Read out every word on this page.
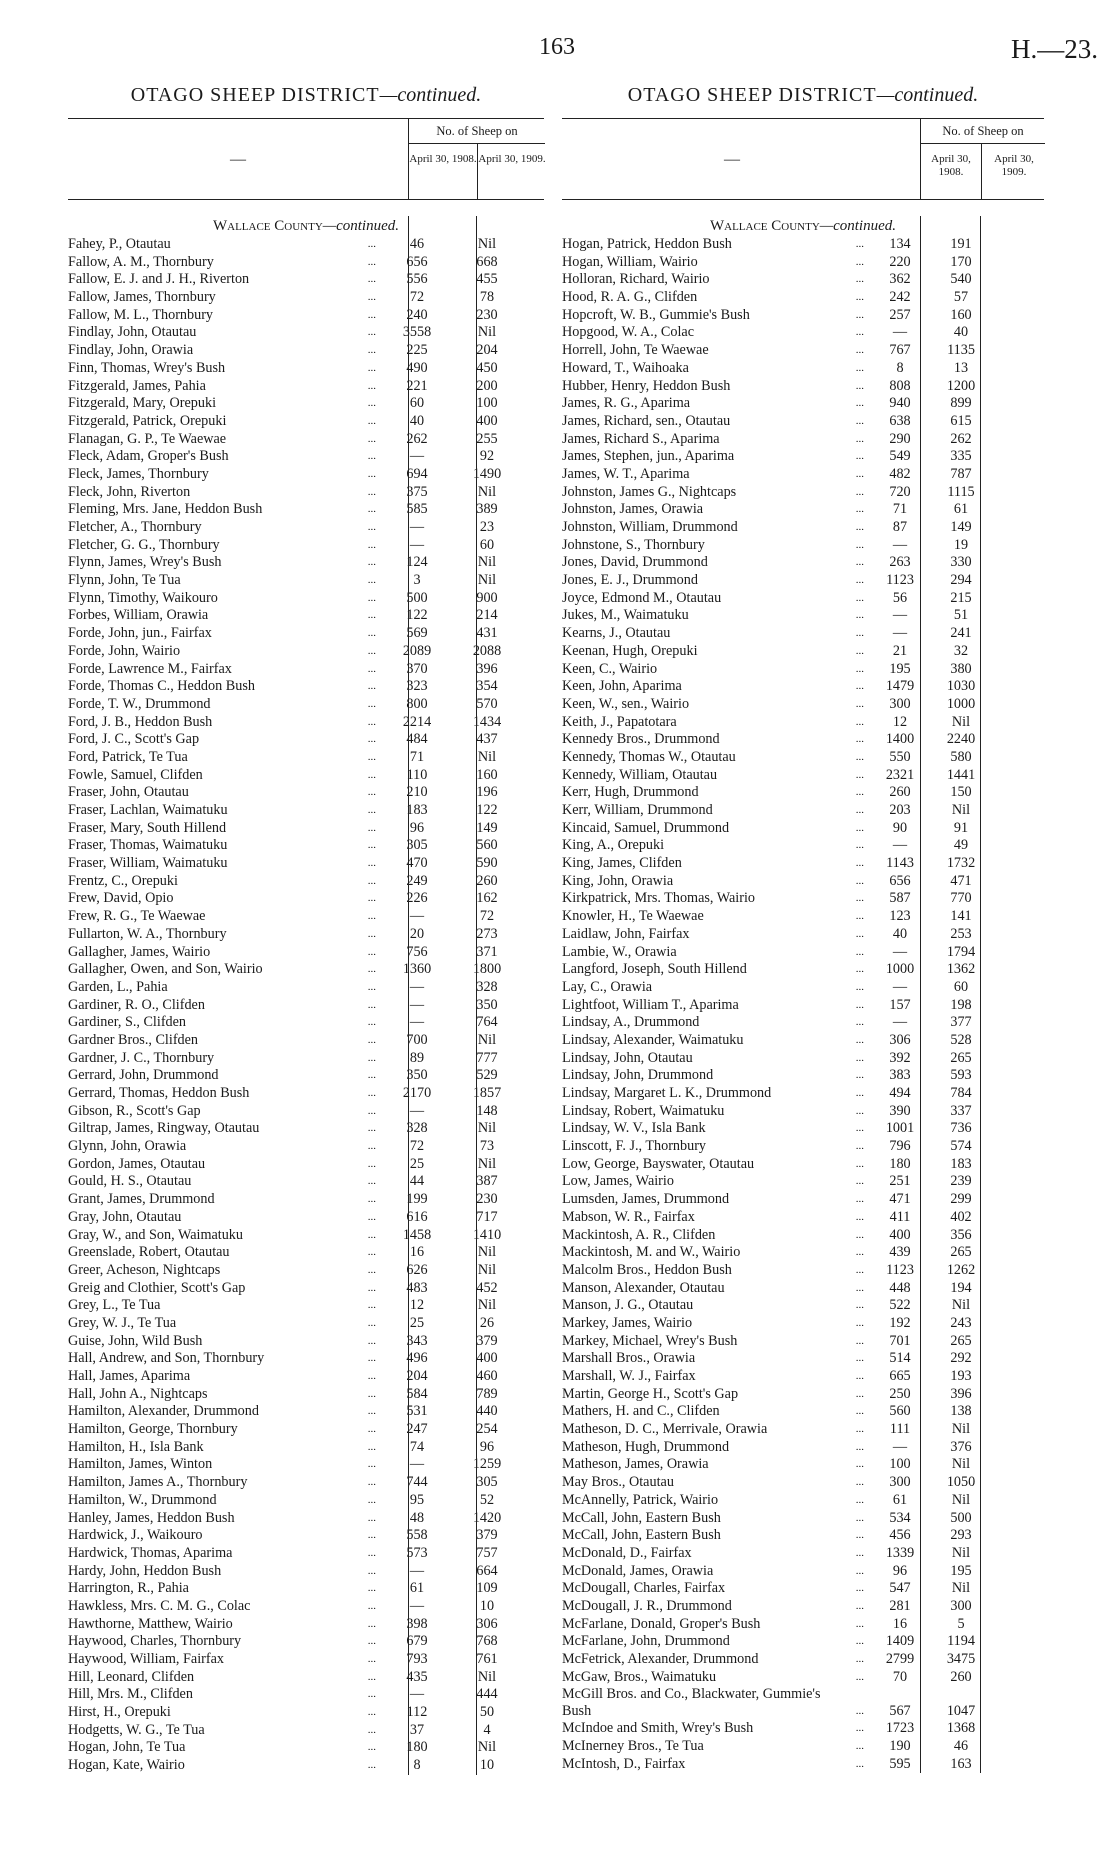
163	H.—23.
OTAGO SHEEP DISTRICT—continued.
—
No. of Sheep on
April 30, 1908. April 30, 1909.
Wallace County—continued.
Fahey, P., Otautau	...	46	Nil
Fallow, A. M., Thornbury	...	656	668
Fallow, E. J. and J. H., Riverton	...	556	455
Fallow, James, Thornbury	...	72	78
Fallow, M. L., Thornbury	...	240	230
Findlay, John, Otautau	...	3558	Nil
Findlay, John, Orawia	...	225	204
Finn, Thomas, Wrey's Bush	...	490	450
Fitzgerald, James, Pahia	...	221	200
Fitzgerald, Mary, Orepuki	...	60	100
Fitzgerald, Patrick, Orepuki	...	40	400
Flanagan, G. P., Te Waewae	...	262	255
Fleck, Adam, Groper's Bush	...	—	92
Fleck, James, Thornbury	...	694	1490
Fleck, John, Riverton	...	375	Nil
Fleming, Mrs. Jane, Heddon Bush	...	585	389
Fletcher, A., Thornbury	...	—	23
Fletcher, G. G., Thornbury	...	—	60
Flynn, James, Wrey's Bush	...	124	Nil
Flynn, John, Te Tua	...	3	Nil
Flynn, Timothy, Waikouro	...	500	900
Forbes, William, Orawia	...	122	214
Forde, John, jun., Fairfax	...	569	431
Forde, John, Wairio	...	2089	2088
Forde, Lawrence M., Fairfax	...	370	396
Forde, Thomas C., Heddon Bush	...	323	354
Forde, T. W., Drummond	...	800	570
Ford, J. B., Heddon Bush	...	2214	1434
Ford, J. C., Scott's Gap	...	484	437
Ford, Patrick, Te Tua	...	71	Nil
Fowle, Samuel, Clifden	...	110	160
Fraser, John, Otautau	...	210	196
Fraser, Lachlan, Waimatuku	...	183	122
Fraser, Mary, South Hillend	...	96	149
Fraser, Thomas, Waimatuku	...	305	560
Fraser, William, Waimatuku	...	470	590
Frentz, C., Orepuki	...	249	260
Frew, David, Opio	...	226	162
Frew, R. G., Te Waewae	...	—	72
Fullarton, W. A., Thornbury	...	20	273
Gallagher, James, Wairio	...	756	371
Gallagher, Owen, and Son, Wairio	...	1360	1800
Garden, L., Pahia	...	—	328
Gardiner, R. O., Clifden	...	—	350
Gardiner, S., Clifden	...	—	764
Gardner Bros., Clifden	...	700	Nil
Gardner, J. C., Thornbury	...	89	777
Gerrard, John, Drummond	...	350	529
Gerrard, Thomas, Heddon Bush	...	2170	1857
Gibson, R., Scott's Gap	...	—	148
Giltrap, James, Ringway, Otautau	...	328	Nil
Glynn, John, Orawia	...	72	73
Gordon, James, Otautau	...	25	Nil
Gould, H. S., Otautau	...	44	387
Grant, James, Drummond	...	199	230
Gray, John, Otautau	...	616	717
Gray, W., and Son, Waimatuku	...	1458	1410
Greenslade, Robert, Otautau	...	16	Nil
Greer, Acheson, Nightcaps	...	626	Nil
Greig and Clothier, Scott's Gap	...	483	452
Grey, L., Te Tua	...	12	Nil
Grey, W. J., Te Tua	...	25	26
Guise, John, Wild Bush	...	343	379
Hall, Andrew, and Son, Thornbury	...	496	400
Hall, James, Aparima	...	204	460
Hall, John A., Nightcaps	...	584	789
Hamilton, Alexander, Drummond	...	531	440
Hamilton, George, Thornbury	...	247	254
Hamilton, H., Isla Bank	...	74	96
Hamilton, James, Winton	...	—	1259
Hamilton, James A., Thornbury	...	744	305
Hamilton, W., Drummond	...	95	52
Hanley, James, Heddon Bush	...	48	1420
Hardwick, J., Waikouro	...	558	379
Hardwick, Thomas, Aparima	...	573	757
Hardy, John, Heddon Bush	...	—	664
Harrington, R., Pahia	...	61	109
Hawkless, Mrs. C. M. G., Colac	...	—	10
Hawthorne, Matthew, Wairio	...	398	306
Haywood, Charles, Thornbury	...	679	768
Haywood, William, Fairfax	...	793	761
Hill, Leonard, Clifden	...	435	Nil
Hill, Mrs. M., Clifden	...	—	444
Hirst, H., Orepuki	...	112	50
Hodgetts, W. G., Te Tua	...	37	4
Hogan, John, Te Tua	...	180	Nil
Hogan, Kate, Wairio	...	8	10
OTAGO SHEEP DISTRICT—continued.
—
No. of Sheep on
April 30, 1908.
April 30, 1909.
Wallace County—continued.
Hogan, Patrick, Heddon Bush	...	134	191
Hogan, William, Wairio	...	220	170
Holloran, Richard, Wairio	...	362	540
Hood, R. A. G., Clifden	...	242	57
Hopcroft, W. B., Gummie's Bush	...	257	160
Hopgood, W. A., Colac	...	—	40
Horrell, John, Te Waewae	...	767	1135
Howard, T., Waihoaka	...	8	13
Hubber, Henry, Heddon Bush	...	808	1200
James, R. G., Aparima	...	940	899
James, Richard, sen., Otautau	...	638	615
James, Richard S., Aparima	...	290	262
James, Stephen, jun., Aparima	...	549	335
James, W. T., Aparima	...	482	787
Johnston, James G., Nightcaps	...	720	1115
Johnston, James, Orawia	...	71	61
Johnston, William, Drummond	...	87	149
Johnstone, S., Thornbury	...	—	19
Jones, David, Drummond	...	263	330
Jones, E. J., Drummond	...	1123	294
Joyce, Edmond M., Otautau	...	56	215
Jukes, M., Waimatuku	...	—	51
Kearns, J., Otautau	...	—	241
Keenan, Hugh, Orepuki	...	21	32
Keen, C., Wairio	...	195	380
Keen, John, Aparima	...	1479	1030
Keen, W., sen., Wairio	...	300	1000
Keith, J., Papatotara	...	12	Nil
Kennedy Bros., Drummond	...	1400	2240
Kennedy, Thomas W., Otautau	...	550	580
Kennedy, William, Otautau	...	2321	1441
Kerr, Hugh, Drummond	...	260	150
Kerr, William, Drummond	...	203	Nil
Kincaid, Samuel, Drummond	...	90	91
King, A., Orepuki	...	—	49
King, James, Clifden	...	1143	1732
King, John, Orawia	...	656	471
Kirkpatrick, Mrs. Thomas, Wairio	...	587	770
Knowler, H., Te Waewae	...	123	141
Laidlaw, John, Fairfax	...	40	253
Lambie, W., Orawia	...	—	1794
Langford, Joseph, South Hillend	...	1000	1362
Lay, C., Orawia	...	—	60
Lightfoot, William T., Aparima	...	157	198
Lindsay, A., Drummond	...	—	377
Lindsay, Alexander, Waimatuku	...	306	528
Lindsay, John, Otautau	...	392	265
Lindsay, John, Drummond	...	383	593
Lindsay, Margaret L. K., Drummond	...	494	784
Lindsay, Robert, Waimatuku	...	390	337
Lindsay, W. V., Isla Bank	...	1001	736
Linscott, F. J., Thornbury	...	796	574
Low, George, Bayswater, Otautau	...	180	183
Low, James, Wairio	...	251	239
Lumsden, James, Drummond	...	471	299
Mabson, W. R., Fairfax	...	411	402
Mackintosh, A. R., Clifden	...	400	356
Mackintosh, M. and W., Wairio	...	439	265
Malcolm Bros., Heddon Bush	...	1123	1262
Manson, Alexander, Otautau	...	448	194
Manson, J. G., Otautau	...	522	Nil
Markey, James, Wairio	...	192	243
Markey, Michael, Wrey's Bush	...	701	265
Marshall Bros., Orawia	...	514	292
Marshall, W. J., Fairfax	...	665	193
Martin, George H., Scott's Gap	...	250	396
Mathers, H. and C., Clifden	...	560	138
Matheson, D. C., Merrivale, Orawia	...	111	Nil
Matheson, Hugh, Drummond	...	—	376
Matheson, James, Orawia	...	100	Nil
May Bros., Otautau	...	300	1050
McAnnelly, Patrick, Wairio	...	61	Nil
McCall, John, Eastern Bush	...	534	500
McCall, John, Eastern Bush	...	456	293
McDonald, D., Fairfax	...	1339	Nil
McDonald, James, Orawia	...	96	195
McDougall, Charles, Fairfax	...	547	Nil
McDougall, J. R., Drummond	...	281	300
McFarlane, Donald, Groper's Bush	...	16	5
McFarlane, John, Drummond	...	1409	1194
McFetrick, Alexander, Drummond	...	2799	3475
McGaw, Bros., Waimatuku	...	70	260
McGill Bros. and Co., Blackwater, Gummie's Bush	...	567	1047
McIndoe and Smith, Wrey's Bush	...	1723	1368
McInerney Bros., Te Tua	...	190	46
McIntosh, D., Fairfax	...	595	163
